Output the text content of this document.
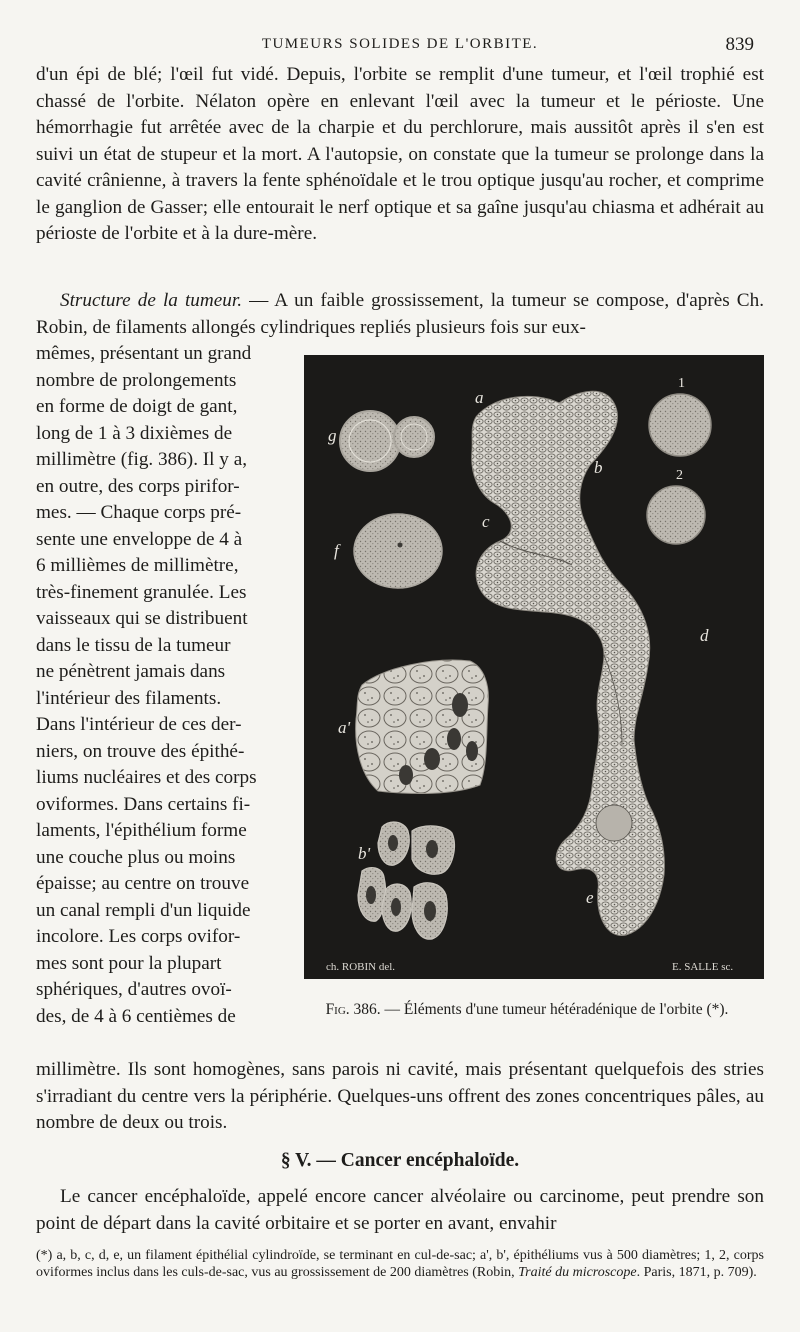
TUMEURS SOLIDES DE L'ORBITE.	839

d'un épi de blé; l'œil fut vidé. Depuis, l'orbite se remplit d'une tumeur, et l'œil trophié est chassé de l'orbite. Nélaton opère en enlevant l'œil avec la tumeur et le périoste. Une hémorrhagie fut arrêtée avec de la charpie et du perchlorure, mais aussitôt après il s'en est suivi un état de stupeur et la mort. A l'autopsie, on constate que la tumeur se prolonge dans la cavité crânienne, à travers la fente sphénoïdale et le trou optique jusqu'au rocher, et comprime le ganglion de Gasser; elle entourait le nerf optique et sa gaîne jusqu'au chiasma et adhérait au périoste de l'orbite et à la dure-mère.

Structure de la tumeur. — A un faible grossissement, la tumeur se compose, d'après Ch. Robin, de filaments allongés cylindriques repliés plusieurs fois sur eux-

mêmes, présentant un grand
nombre de prolongements
en forme de doigt de gant,
long de 1 à 3 dixièmes de
millimètre (fig. 386). Il y a,
en outre, des corps pirifor-
mes. — Chaque corps pré-
sente une enveloppe de 4 à
6 millièmes de millimètre,
très-finement granulée. Les
vaisseaux qui se distribuent
dans le tissu de la tumeur
ne pénètrent jamais dans
l'intérieur des filaments.
Dans l'intérieur de ces der-
niers, on trouve des épithé-
liums nucléaires et des corps
oviformes. Dans certains fi-
laments, l'épithélium forme
une couche plus ou moins
épaisse; au centre on trouve
un canal rempli d'un liquide
incolore. Les corps ovifor-
mes sont pour la plupart
sphériques, d'autres ovoï-
des, de 4 à 6 centièmes de
a
b
c
d
e
f
g
a'
b'
1
2
ch. ROBIN del.	E. SALLE sc.
Fig. 386. — Éléments d'une tumeur hétéradénique de l'orbite (*).

millimètre. Ils sont homogènes, sans parois ni cavité, mais présentant quelquefois des stries s'irradiant du centre vers la périphérie. Quelques-uns offrent des zones concentriques pâles, au nombre de deux ou trois.

§ V. — Cancer encéphaloïde.

Le cancer encéphaloïde, appelé encore cancer alvéolaire ou carcinome, peut prendre son point de départ dans la cavité orbitaire et se porter en avant, envahir

(*) a, b, c, d, e, un filament épithélial cylindroïde, se terminant en cul-de-sac; a', b', épithéliums vus à 500 diamètres; 1, 2, corps oviformes inclus dans les culs-de-sac, vus au grossissement de 200 diamètres (Robin, Traité du microscope. Paris, 1871, p. 709).
